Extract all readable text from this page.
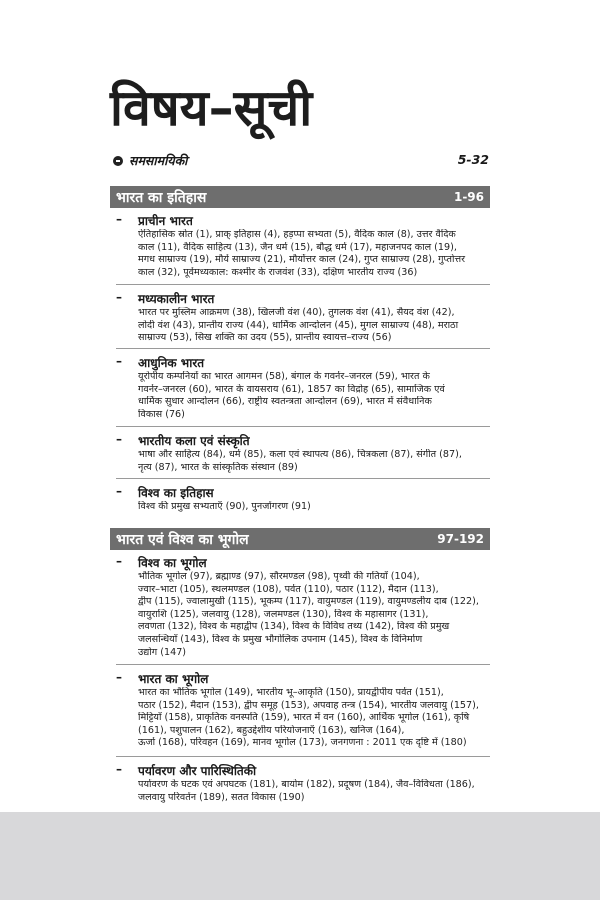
विषय–सूची
समसामयिकी	5-32
भारत का इतिहास	1-96
– प्राचीन भारत
ऐतिहासिक स्रोत (1), प्राक् इतिहास (4), हड़प्पा सभ्यता (5), वैदिक काल (8), उत्तर वैदिक
काल (11), वैदिक साहित्य (13), जैन धर्म (15), बौद्ध धर्म (17), महाजनपद काल (19),
मगध साम्राज्य (19), मौर्य साम्राज्य (21), मौर्योत्तर काल (24), गुप्त साम्राज्य (28), गुप्तोत्तर
काल (32), पूर्वमध्यकाल: कश्मीर के राजवंश (33), दक्षिण भारतीय राज्य (36)
– मध्यकालीन भारत
भारत पर मुस्लिम आक्रमण (38), खिलजी वंश (40), तुगलक वंश (41), सैयद वंश (42),
लोदी वंश (43), प्रान्तीय राज्य (44), धार्मिक आन्दोलन (45), मुगल साम्राज्य (48), मराठा
साम्राज्य (53), सिख शक्ति का उदय (55), प्रान्तीय स्वायत्त–राज्य (56)
– आधुनिक भारत
यूरोपीय कम्पनियों का भारत आगमन (58), बंगाल के गवर्नर–जनरल (59), भारत के
गवर्नर–जनरल (60), भारत के वायसराय (61), 1857 का विद्रोह (65), सामाजिक एवं
धार्मिक सुधार आन्दोलन (66), राष्ट्रीय स्वतन्त्रता आन्दोलन (69), भारत में संवैधानिक
विकास (76)
– भारतीय कला एवं संस्कृति
भाषा और साहित्य (84), धर्म (85), कला एवं स्थापत्य (86), चित्रकला (87), संगीत (87),
नृत्य (87), भारत के सांस्कृतिक संस्थान (89)
– विश्व का इतिहास
विश्व की प्रमुख सभ्यताएँ (90), पुनर्जागरण (91)
भारत एवं विश्व का भूगोल	97-192
– विश्व का भूगोल
भौतिक भूगोल (97), ब्रह्माण्ड (97), सौरमण्डल (98), पृथ्वी की गतियाँ (104),
ज्वार–भाटा (105), स्थलमण्डल (108), पर्वत (110), पठार (112), मैदान (113),
द्वीप (115), ज्वालामुखी (115), भूकम्प (117), वायुमण्डल (119), वायुमण्डलीय दाब (122),
वायुराशि (125), जलवायु (128), जलमण्डल (130), विश्व के महासागर (131),
लवणता (132), विश्व के महाद्वीप (134), विश्व के विविध तथ्य (142), विश्व की प्रमुख
जलसन्धियाँ (143), विश्व के प्रमुख भौगोलिक उपनाम (145), विश्व के विनिर्माण
उद्योग (147)
– भारत का भूगोल
भारत का भौतिक भूगोल (149), भारतीय भू–आकृति (150), प्रायद्वीपीय पर्वत (151),
पठार (152), मैदान (153), द्वीप समूह (153), अपवाह तन्त्र (154), भारतीय जलवायु (157),
मिट्टियाँ (158), प्राकृतिक वनस्पति (159), भारत में वन (160), आर्थिक भूगोल (161), कृषि
(161), पशुपालन (162), बहुउद्देशीय परियोजनाएँ (163), खनिज (164),
ऊर्जा (168), परिवहन (169), मानव भूगोल (173), जनगणना : 2011 एक दृष्टि में (180)
– पर्यावरण और पारिस्थितिकी
पर्यावरण के घटक एवं अपघटक (181), बायोम (182), प्रदूषण (184), जैव–विविधता (186),
जलवायु परिवर्तन (189), सतत विकास (190)
